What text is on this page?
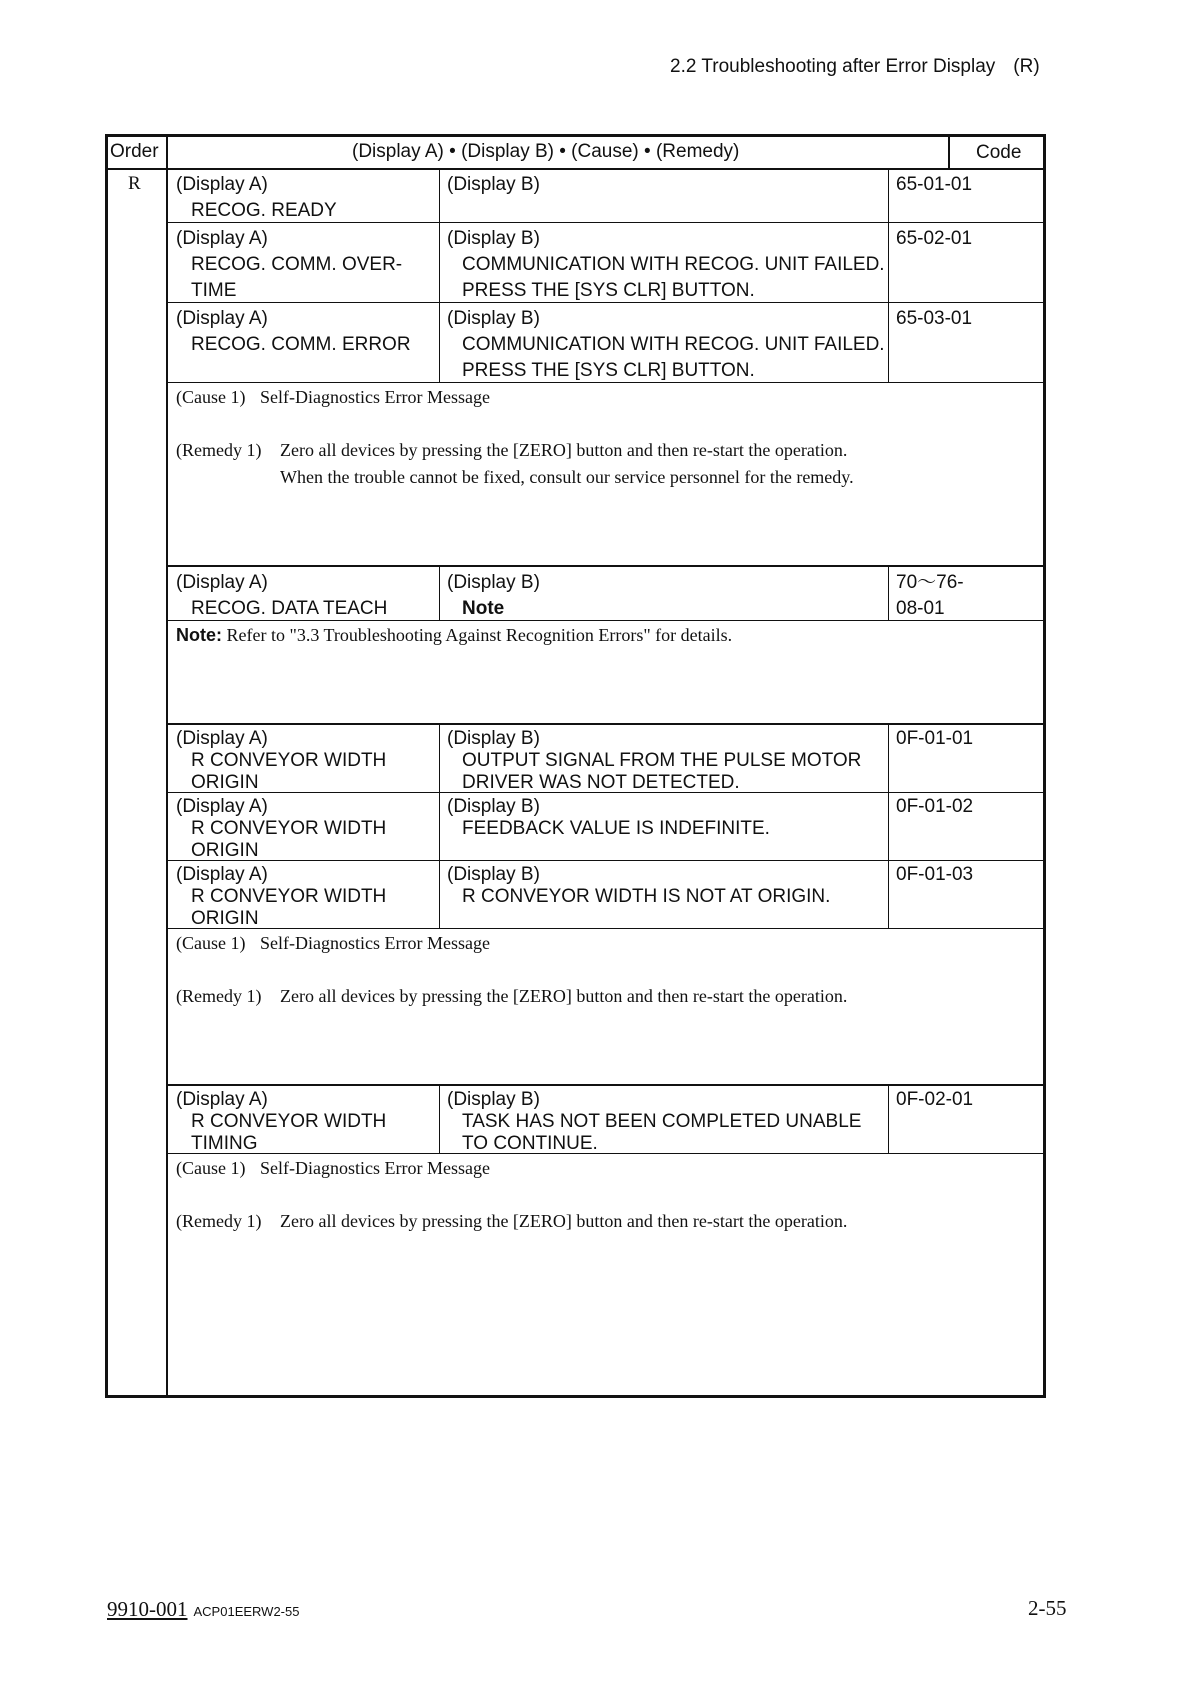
2.2 Troubleshooting after Error Display (R)
Order	(Display A) • (Display B) • (Cause) • (Remedy)	Code
R (Display A)
RECOG. READY
(Display B)	65-01-01
(Display A)
RECOG. COMM. OVER-
TIME
(Display B)
COMMUNICATION WITH RECOG. UNIT FAILED.
PRESS THE [SYS CLR] BUTTON.
65-02-01
(Display A)
RECOG. COMM. ERROR
(Display B)
COMMUNICATION WITH RECOG. UNIT FAILED.
PRESS THE [SYS CLR] BUTTON.
65-03-01
(Cause 1) Self-Diagnostics Error Message
(Remedy 1) Zero all devices by pressing the [ZERO] button and then re-start the operation.
When the trouble cannot be fixed, consult our service personnel for the remedy.
(Display A)
RECOG. DATA TEACH
(Display B)
Note
70〜76-
08-01
Note: Refer to "3.3 Troubleshooting Against Recognition Errors" for details.
(Display A)
R CONVEYOR WIDTH
ORIGIN
(Display B)
OUTPUT SIGNAL FROM THE PULSE MOTOR
DRIVER WAS NOT DETECTED.
0F-01-01
(Display A)
R CONVEYOR WIDTH
ORIGIN
(Display B)
FEEDBACK VALUE IS INDEFINITE.
0F-01-02
(Display A)
R CONVEYOR WIDTH
ORIGIN
(Display B)
R CONVEYOR WIDTH IS NOT AT ORIGIN.
0F-01-03
(Cause 1) Self-Diagnostics Error Message
(Remedy 1) Zero all devices by pressing the [ZERO] button and then re-start the operation.
(Display A)
R CONVEYOR WIDTH
TIMING
(Display B)
TASK HAS NOT BEEN COMPLETED UNABLE
TO CONTINUE.
0F-02-01
(Cause 1) Self-Diagnostics Error Message
(Remedy 1) Zero all devices by pressing the [ZERO] button and then re-start the operation.
9910-001 ACP01EERW2-55	2-55
